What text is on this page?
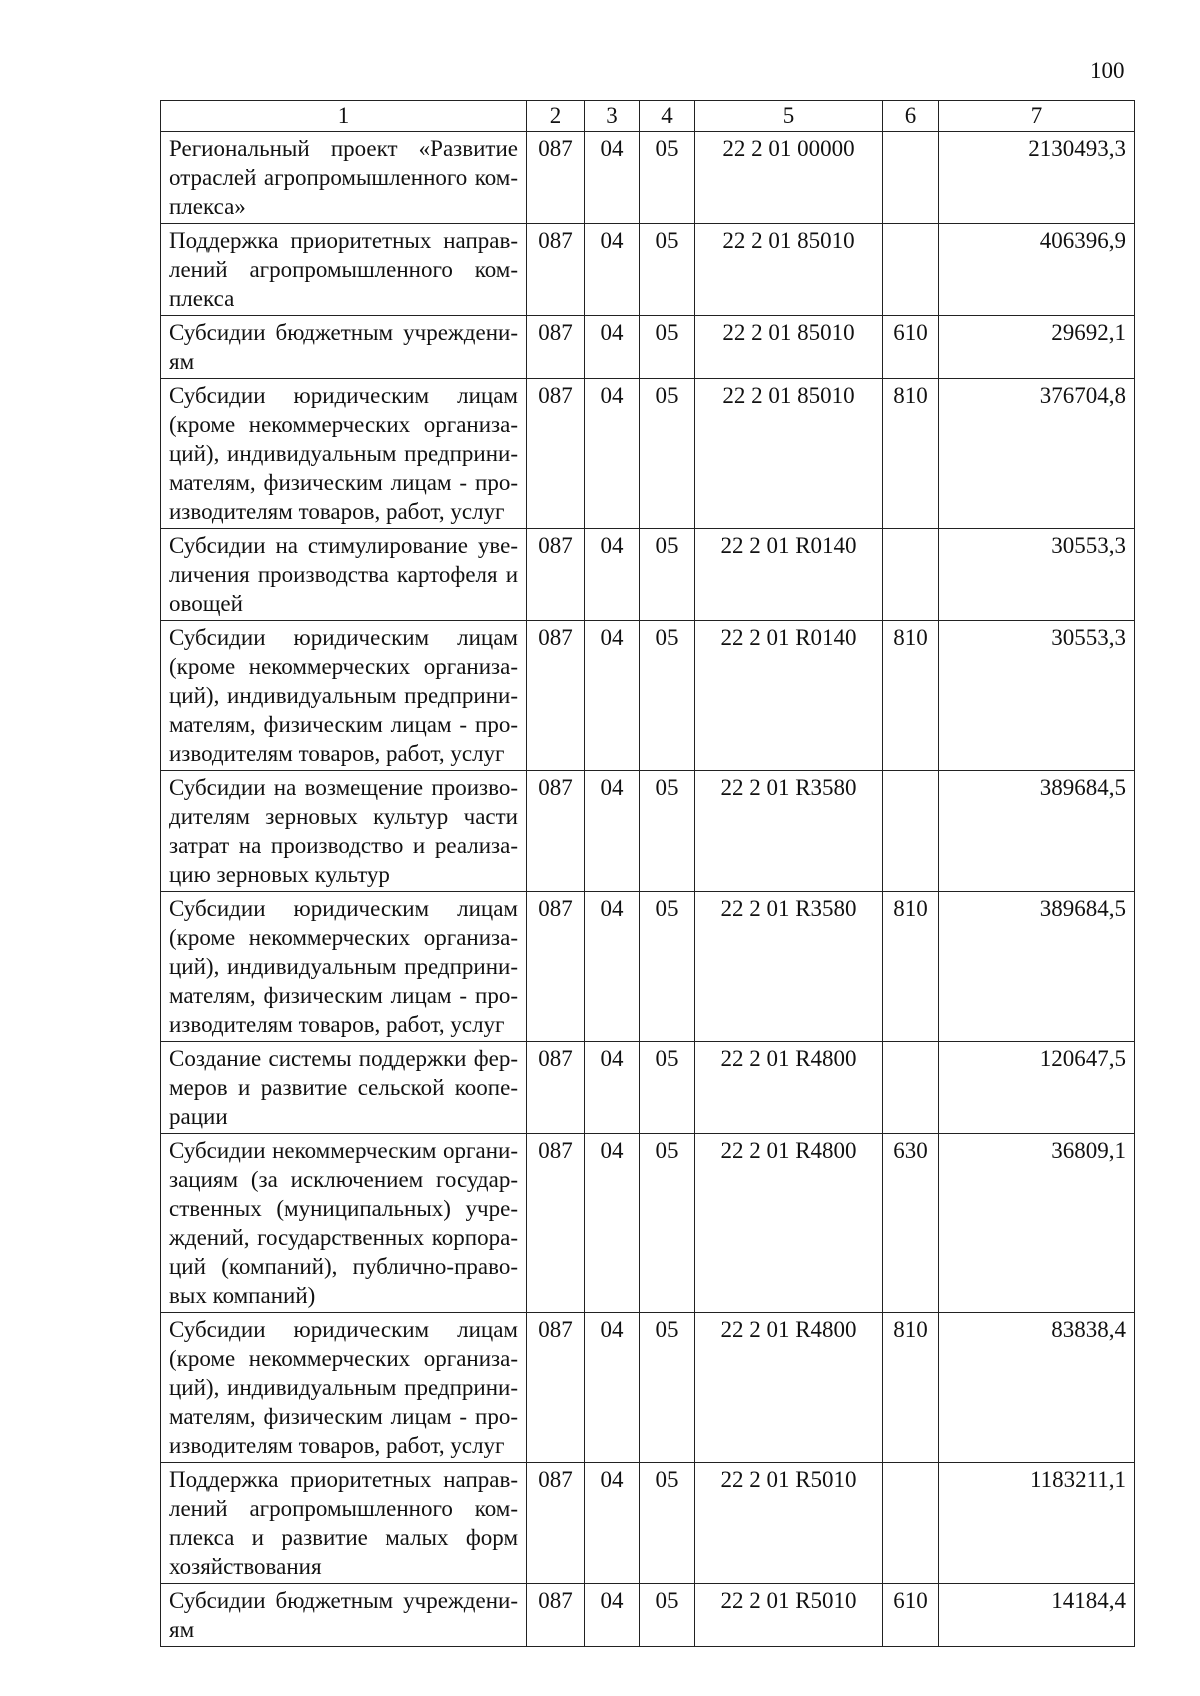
100
1	2	3	4	5	6	7
Региональный проект «Развитие отраслей агропромышленного комплекса»	087	04	05	22 2 01 00000		2130493,3
Поддержка приоритетных направлений агропромышленного комплекса	087	04	05	22 2 01 85010		406396,9
Субсидии бюджетным учреждениям	087	04	05	22 2 01 85010	610	29692,1
Субсидии юридическим лицам (кроме некоммерческих организаций), индивидуальным предпринимателям, физическим лицам - производителям товаров, работ, услуг	087	04	05	22 2 01 85010	810	376704,8
Субсидии на стимулирование увеличения производства картофеля и овощей	087	04	05	22 2 01 R0140		30553,3
Субсидии юридическим лицам (кроме некоммерческих организаций), индивидуальным предпринимателям, физическим лицам - производителям товаров, работ, услуг	087	04	05	22 2 01 R0140	810	30553,3
Субсидии на возмещение производителям зерновых культур части затрат на производство и реализацию зерновых культур	087	04	05	22 2 01 R3580		389684,5
Субсидии юридическим лицам (кроме некоммерческих организаций), индивидуальным предпринимателям, физическим лицам - производителям товаров, работ, услуг	087	04	05	22 2 01 R3580	810	389684,5
Создание системы поддержки фермеров и развитие сельской кооперации	087	04	05	22 2 01 R4800		120647,5
Субсидии некоммерческим организациям (за исключением государственных (муниципальных) учреждений, государственных корпораций (компаний), публично-правовых компаний)	087	04	05	22 2 01 R4800	630	36809,1
Субсидии юридическим лицам (кроме некоммерческих организаций), индивидуальным предпринимателям, физическим лицам - производителям товаров, работ, услуг	087	04	05	22 2 01 R4800	810	83838,4
Поддержка приоритетных направлений агропромышленного комплекса и развитие малых форм хозяйствования	087	04	05	22 2 01 R5010		1183211,1
Субсидии бюджетным учреждениям	087	04	05	22 2 01 R5010	610	14184,4
